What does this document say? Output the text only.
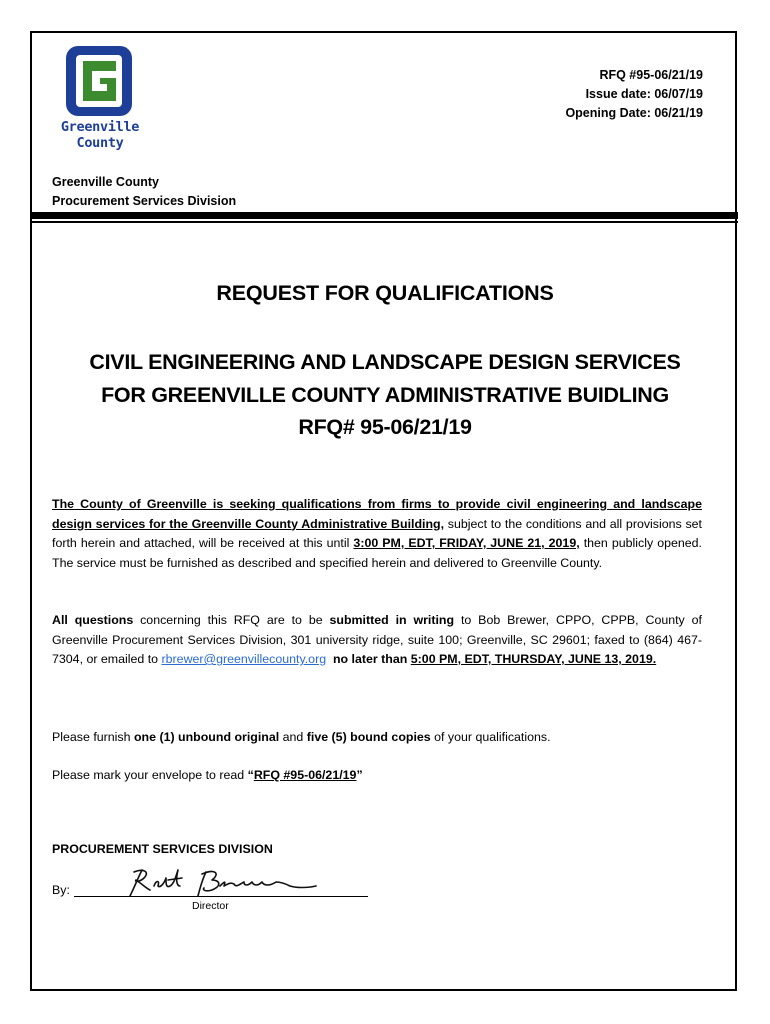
Greenville
County
RFQ #95-06/21/19
Issue date: 06/07/19
Opening Date: 06/21/19
Greenville County
Procurement Services Division
REQUEST FOR QUALIFICATIONS
CIVIL ENGINEERING AND LANDSCAPE DESIGN SERVICES
FOR GREENVILLE COUNTY ADMINISTRATIVE BUIDLING
RFQ# 95-06/21/19
The County of Greenville is seeking qualifications from firms to provide civil engineering and landscape design services for the Greenville County Administrative Building, subject to the conditions and all provisions set forth herein and attached, will be received at this until 3:00 PM, EDT, FRIDAY, JUNE 21, 2019, then publicly opened. The service must be furnished as described and specified herein and delivered to Greenville County.
All questions concerning this RFQ are to be submitted in writing to Bob Brewer, CPPO, CPPB, County of Greenville Procurement Services Division, 301 university ridge, suite 100; Greenville, SC 29601; faxed to (864) 467-7304, or emailed to rbrewer@greenvillecounty.org  no later than 5:00 PM, EDT, THURSDAY, JUNE 13, 2019.
Please furnish one (1) unbound original and five (5) bound copies of your qualifications.
Please mark your envelope to read “RFQ #95-06/21/19”
PROCUREMENT SERVICES DIVISION
By:
Director
